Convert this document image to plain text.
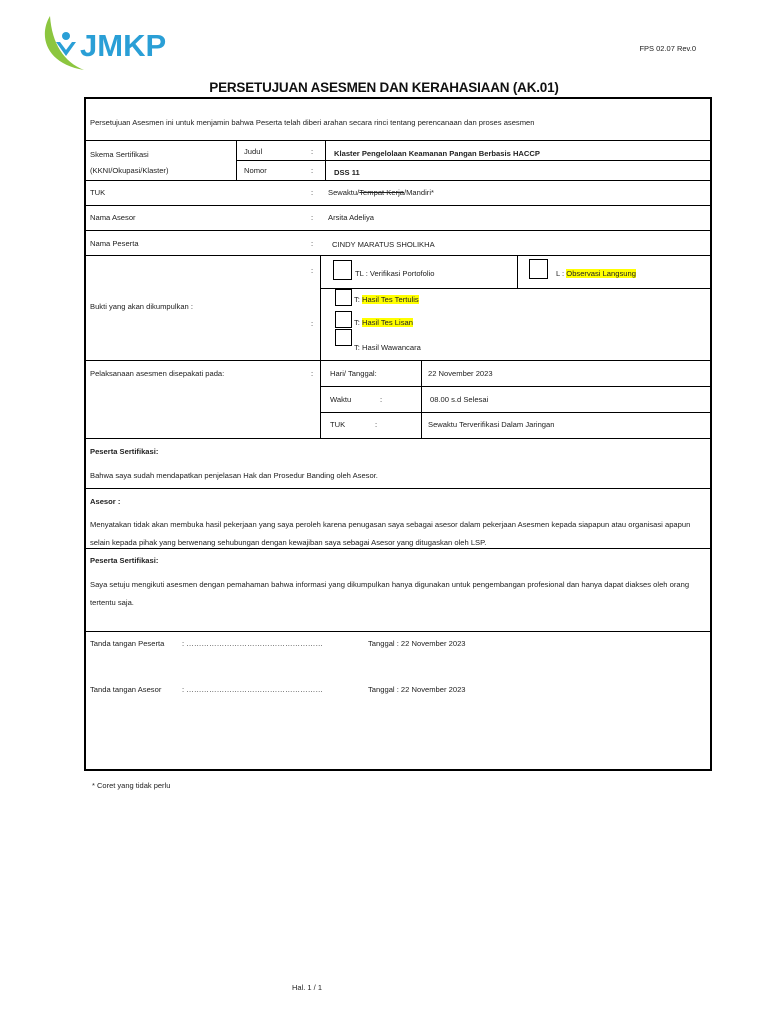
JMKP	FPS 02.07 Rev.0
PERSETUJUAN ASESMEN DAN KERAHASIAAN (AK.01)
Persetujuan Asesmen ini untuk menjamin bahwa Peserta telah diberi arahan secara rinci tentang perencanaan dan proses asesmen
Skema Sertifikasi
(KKNI/Okupasi/Klaster)
Judul	:	Klaster Pengelolaan Keamanan Pangan Berbasis HACCP
Nomor	:	DSS 11
TUK	: Sewaktu/Tempat Kerja/Mandiri*
Nama Asesor	: Arsita Adeliya
Nama Peserta	: CINDY MARATUS SHOLIKHA
Bukti yang akan dikumpulkan :
:
:
TL : Verifikasi Portofolio	L : Observasi Langsung
T: Hasil Tes Tertulis
T: Hasil Tes Lisan
T: Hasil Wawancara
Pelaksanaan asesmen disepakati pada:	: Hari/ Tanggal:	22 November 2023
Waktu	:	08.00 s.d Selesai
TUK	:	Sewaktu Terverifikasi Dalam Jaringan
Peserta Sertifikasi:
Bahwa saya sudah mendapatkan penjelasan Hak dan Prosedur Banding oleh Asesor.
Asesor :
Menyatakan tidak akan membuka hasil pekerjaan yang saya peroleh karena penugasan saya sebagai asesor dalam pekerjaan Asesmen kepada siapapun atau organisasi apapun selain kepada pihak yang berwenang sehubungan dengan kewajiban saya sebagai Asesor yang ditugaskan oleh LSP.
Peserta Sertifikasi:
Saya setuju mengikuti asesmen dengan pemahaman bahwa informasi yang dikumpulkan hanya digunakan untuk pengembangan profesional dan hanya dapat diakses oleh orang tertentu saja.
Tanda tangan Peserta : ………………………………………………	Tanggal : 22 November 2023
Tanda tangan Asesor	: ………………………………………………	Tanggal : 22 November 2023
* Coret yang tidak perlu
Hal. 1 / 1
